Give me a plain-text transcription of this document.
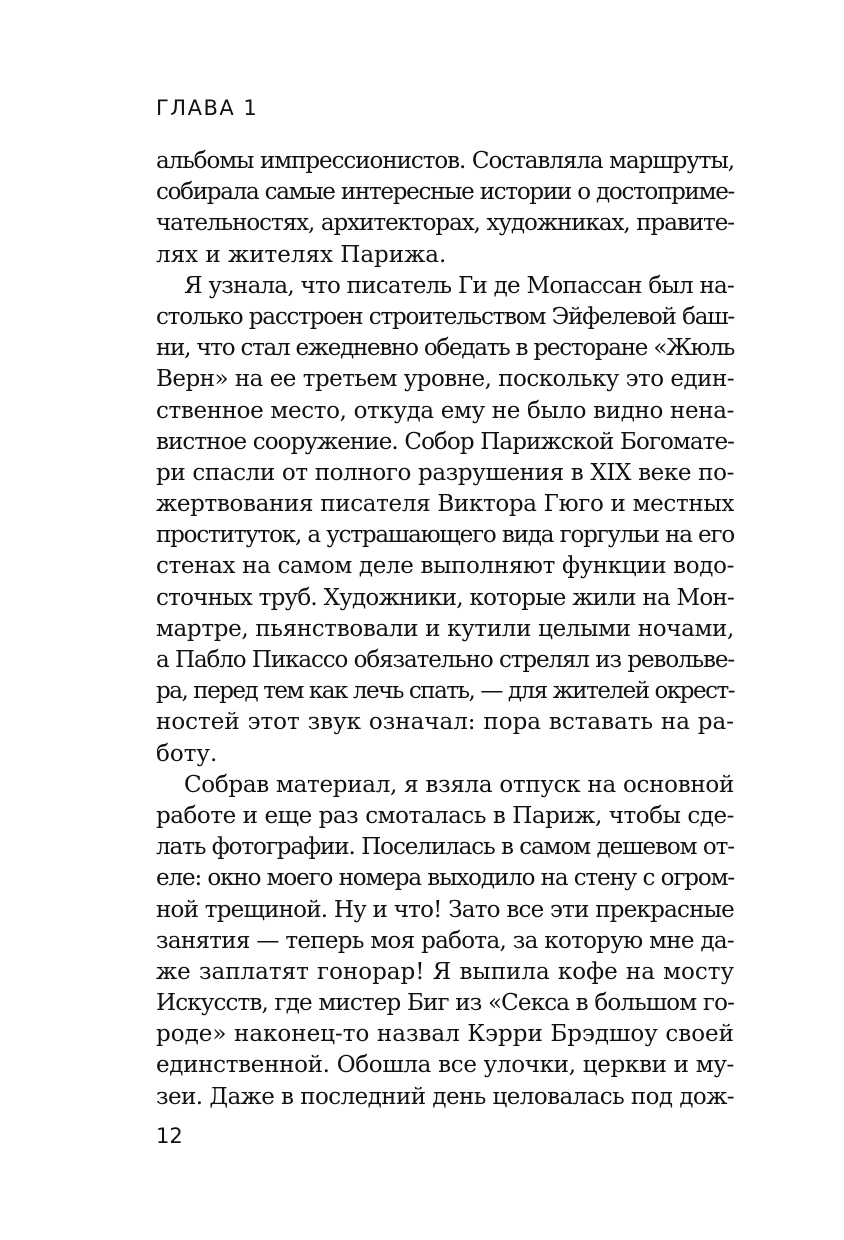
ГЛАВА 1
альбомы импрессионистов. Составляла маршруты,
собирала самые интересные истории о достоприме-
чательностях, архитекторах, художниках, правите-
лях и жителях Парижа.
Я узнала, что писатель Ги де Мопассан был на-
столько расстроен строительством Эйфелевой баш-
ни, что стал ежедневно обедать в ресторане «Жюль
Верн» на ее третьем уровне, поскольку это един-
ственное место, откуда ему не было видно нена-
вистное сооружение. Собор Парижской Богомате-
ри спасли от полного разрушения в XIX веке по-
жертвования писателя Виктора Гюго и местных
проституток, а устрашающего вида горгульи на его
стенах на самом деле выполняют функции водо-
сточных труб. Художники, которые жили на Мон-
мартре, пьянствовали и кутили целыми ночами,
а Пабло Пикассо обязательно стрелял из револьве-
ра, перед тем как лечь спать, — для жителей окрест-
ностей этот звук означал: пора вставать на ра-
боту.
Собрав материал, я взяла отпуск на основной
работе и еще раз смоталась в Париж, чтобы сде-
лать фотографии. Поселилась в самом дешевом от-
еле: окно моего номера выходило на стену с огром-
ной трещиной. Ну и что! Зато все эти прекрасные
занятия — теперь моя работа, за которую мне да-
же заплатят гонорар! Я выпила кофе на мосту
Искусств, где мистер Биг из «Секса в большом го-
роде» наконец-то назвал Кэрри Брэдшоу своей
единственной. Обошла все улочки, церкви и му-
зеи. Даже в последний день целовалась под дож-
12
